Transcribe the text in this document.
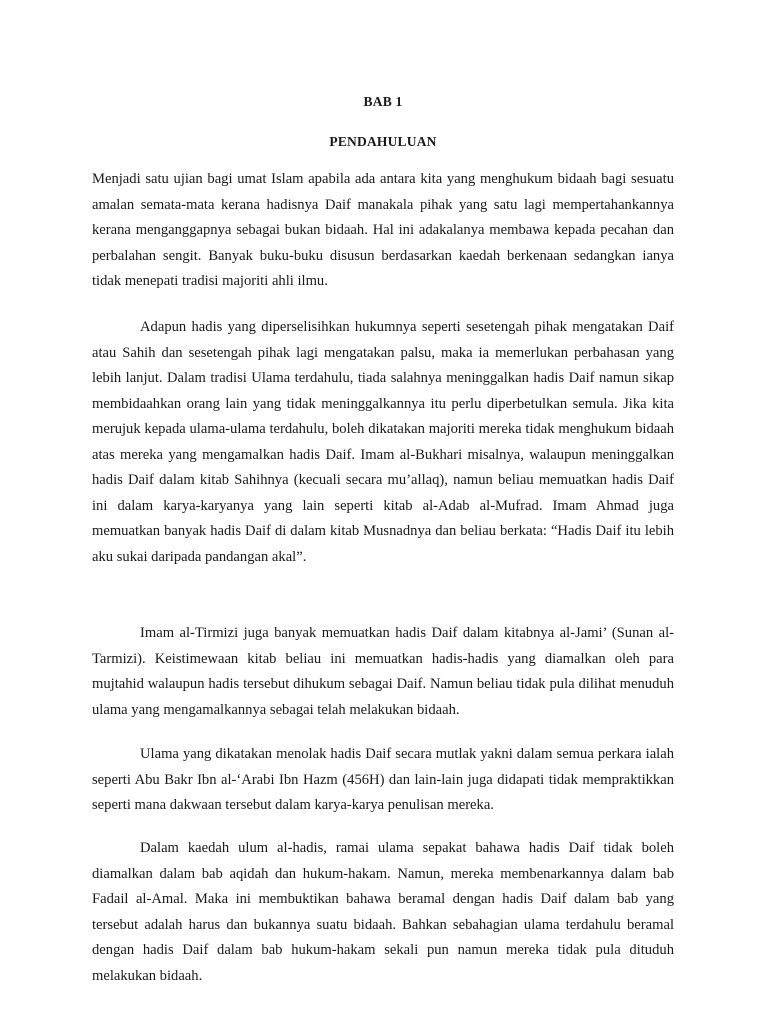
BAB 1
PENDAHULUAN

Menjadi satu ujian bagi umat Islam apabila ada antara kita yang menghukum bidaah bagi sesuatu amalan semata-mata kerana hadisnya Daif manakala pihak yang satu lagi mempertahankannya kerana menganggapnya sebagai bukan bidaah. Hal ini adakalanya membawa kepada pecahan dan perbalahan sengit. Banyak buku-buku disusun berdasarkan kaedah berkenaan sedangkan ianya tidak menepati tradisi majoriti ahli ilmu.

Adapun hadis yang diperselisihkan hukumnya seperti sesetengah pihak mengatakan Daif atau Sahih dan sesetengah pihak lagi mengatakan palsu, maka ia memerlukan perbahasan yang lebih lanjut. Dalam tradisi Ulama terdahulu, tiada salahnya meninggalkan hadis Daif namun sikap membidaahkan orang lain yang tidak meninggalkannya itu perlu diperbetulkan semula. Jika kita merujuk kepada ulama-ulama terdahulu, boleh dikatakan majoriti mereka tidak menghukum bidaah atas mereka yang mengamalkan hadis Daif. Imam al-Bukhari misalnya, walaupun meninggalkan hadis Daif dalam kitab Sahihnya (kecuali secara mu’allaq), namun beliau memuatkan hadis Daif ini dalam karya-karyanya yang lain seperti kitab al-Adab al-Mufrad. Imam Ahmad juga memuatkan banyak hadis Daif di dalam kitab Musnadnya dan beliau berkata: “Hadis Daif itu lebih aku sukai daripada pandangan akal”.

Imam al-Tirmizi juga banyak memuatkan hadis Daif dalam kitabnya al-Jami’ (Sunan al-Tarmizi). Keistimewaan kitab beliau ini memuatkan hadis-hadis yang diamalkan oleh para mujtahid walaupun hadis tersebut dihukum sebagai Daif. Namun beliau tidak pula dilihat menuduh ulama yang mengamalkannya sebagai telah melakukan bidaah.

Ulama yang dikatakan menolak hadis Daif secara mutlak yakni dalam semua perkara ialah seperti Abu Bakr Ibn al-‘Arabi Ibn Hazm (456H) dan lain-lain juga didapati tidak mempraktikkan seperti mana dakwaan tersebut dalam karya-karya penulisan mereka.

Dalam kaedah ulum al-hadis, ramai ulama sepakat bahawa hadis Daif tidak boleh diamalkan dalam bab aqidah dan hukum-hakam. Namun, mereka membenarkannya dalam bab Fadail al-Amal. Maka ini membuktikan bahawa beramal dengan hadis Daif dalam bab yang tersebut adalah harus dan bukannya suatu bidaah. Bahkan sebahagian ulama terdahulu beramal dengan hadis Daif dalam bab hukum-hakam sekali pun namun mereka tidak pula dituduh melakukan bidaah.
